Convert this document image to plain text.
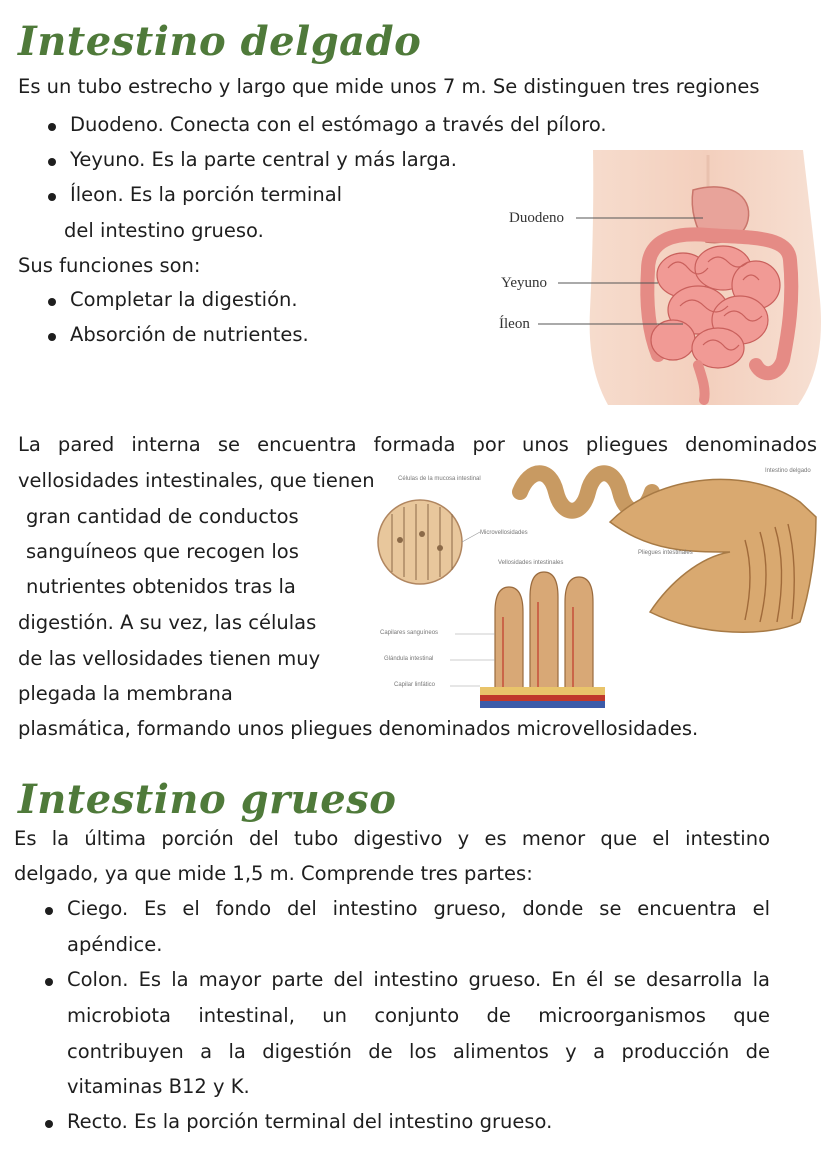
Intestino delgado
Es un tubo estrecho y largo que mide unos 7 m. Se distinguen tres regiones
Duodeno. Conecta con el estómago a través del píloro.
Yeyuno. Es la parte central y más larga.
Íleon. Es la porción terminal
del intestino grueso.
Sus funciones son:
Completar la digestión.
Absorción de nutrientes.
Duodeno
Yeyuno
Íleon
La pared interna se encuentra formada por unos pliegues denominados
vellosidades intestinales, que tienen
gran cantidad de conductos
sanguíneos que recogen los
nutrientes obtenidos tras la
digestión. A su vez, las células
de las vellosidades tienen muy
plegada la membrana
plasmática, formando unos pliegues denominados microvellosidades.
Células de la mucosa intestinal
Intestino delgado
Microvellosidades
Pliegues intestinales
Vellosidades intestinales
Capilares sanguíneos
Glándula intestinal
Capilar linfático
Intestino grueso
Es la última porción del tubo digestivo y es menor que el intestino
delgado, ya que mide 1,5 m. Comprende tres partes:
Ciego. Es el fondo del intestino grueso, donde se encuentra el
apéndice.
Colon. Es la mayor parte del intestino grueso. En él se desarrolla la
microbiota intestinal, un conjunto de microorganismos que
contribuyen a la digestión de los alimentos y a producción de
vitaminas B12 y K.
Recto. Es la porción terminal del intestino grueso.
